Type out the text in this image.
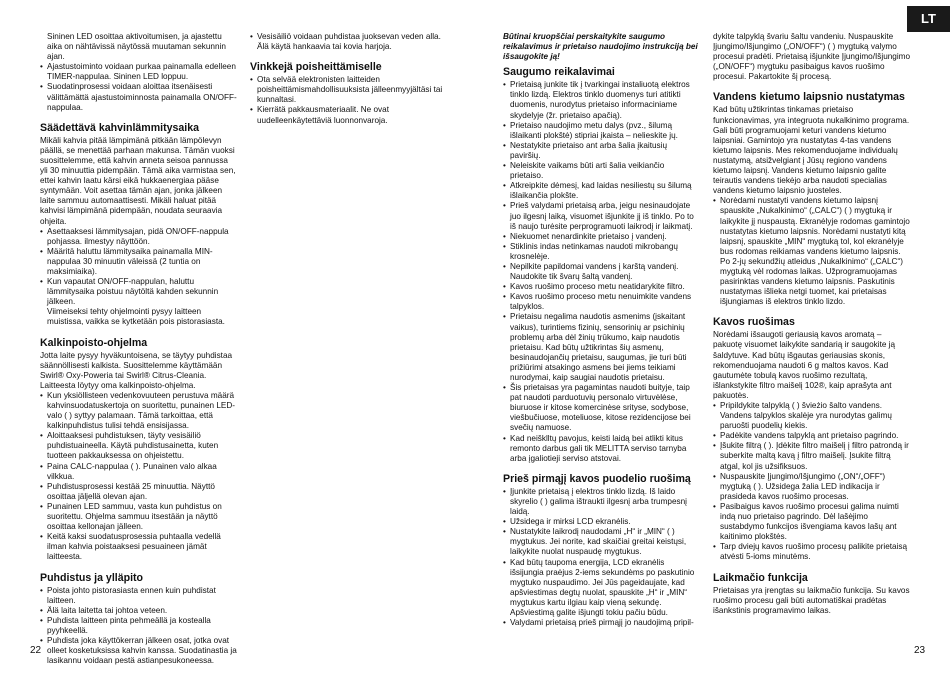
LT
Sininen LED osoittaa aktivoitumisen, ja ajastettu aika on nähtävissä näytössä muutaman sekunnin ajan.
• Ajastustoiminto voidaan purkaa painamalla edelleen TIMER-nappulaa. Sininen LED loppuu.
• Suodatinprosessi voidaan aloittaa itsenäisesti välittämättä ajastustoiminnosta painamalla ON/OFF-nappulaa.
Säädettävä kahvinlämmitysaika

Mikäli kahvia pitää lämpimänä pitkään lämpölevyn päällä, se menettää parhaan makunsa. Tämän vuoksi suosittelemme, että kahvin anneta seisoa pannussa yli 30 minuuttia pidempään. Tämä aika varmistaa sen, ettei kahvin laatu kärsi eikä hukkaenergiaa pääse syntymään. Voit asettaa tämän ajan, jonka jälkeen laite sammuu automaattisesti. Mikäli haluat pitää kahvisi lämpimänä pidempään, noudata seuraavia ohjeita.

• Asettaaksesi lämmitysajan, pidä ON/OFF-nappula pohjassa. ilmestyy näyttöön.
• Määritä haluttu lämmitysaika painamalla MIN-nappulaa 30 minuutin väleissä (2 tuntia on maksimiaika).
• Kun vapautat ON/OFF-nappulan, haluttu lämmitysaika poistuu näytöltä kahden sekunnin jälkeen.

Viimeiseksi tehty ohjelmointi pysyy laitteen muistissa, vaikka se kytketään pois pistorasiasta.

Kalkinpoisto-ohjelma

Jotta laite pysyy hyväkuntoisena, se täytyy puhdistaa säännöllisesti kalkista. Suosittelemme käyttämään Swirl® Oxy-Poweria tai Swirl® Citrus-Cleania. Laitteesta löytyy oma kalkinpoisto-ohjelma.

• Kun yksiöllisteen vedenkovuuteen perustuva määrä kahvinsuodatuskertoja on suoritettu, punainen LED-valo ( ) syttyy palamaan. Tämä tarkoittaa, että kalkinpuhdistus tulisi tehdä ensisijassa.
• Aloittaaksesi puhdistuksen, täyty vesisäiliö puhdistuaineella. Käytä puhdistusainetta, kuten tuotteen pakkauksessa on ohjeistettu.
• Paina CALC-nappulaa ( ). Punainen valo alkaa vilkkua.
• Puhdistusprosessi kestää 25 minuuttia. Näyttö osoittaa jäljellä olevan ajan.
• Punainen LED sammuu, vasta kun puhdistus on suoritettu. Ohjelma sammuu itsestään ja näyttö osoittaa kellonajan jälleen.
• Keitä kaksi suodatusprosessia puhtaalla vedellä ilman kahvia poistaaksesi pesuaineen jämät laitteesta.
Puhdistus ja ylläpito
• Poista johto pistorasiasta ennen kuin puhdistat laitteen.
• Älä laita laitetta tai johtoa veteen.
• Puhdista laitteen pinta pehmeällä ja kostealla pyyhkeellä.
• Puhdista joka käyttökerran jälkeen osat, jotka ovat olleet kosketuksissa kahvin kanssa. Suodatinastia ja lasikannu voidaan pestä astianpesukoneessa.
• Vesisäiliö voidaan puhdistaa juoksevan veden alla. Älä käytä hankaavia tai kovia harjoja.
Vinkkejä poisheittämiselle
• Ota selvää elektronisten laitteiden poisheittämismahdollisuuksista jälleenmyyjältäsi tai kunnaltasi.
• Kierrätä pakkausmateriaalit. Ne ovat uudelleenkäytettäviä luonnonvaroja.

Būtinai kruopščiai perskaitykite saugumo reikalavimus ir prietaiso naudojimo instrukciją bei išsaugokite ją!

Saugumo reikalavimai
• Prietaisą junkite tik į tvarkingai instaliuotą elektros tinklo lizdą. Elektros tinklo duomenys turi atitikti duomenis, nurodytus prietaiso informaciniame skydelyje (žr. prietaiso apačią).
• Prietaiso naudojimo metu dalys (pvz., šilumą išlaikanti plokštė) stipriai įkaista – nelieskite jų.
• Nestatykite prietaiso ant arba šalia įkaitusių paviršių.
• Neleiskite vaikams būti arti šalia veikiančio prietaiso.
• Atkreipkite dėmesį, kad laidas nesiliestų su šilumą išlaikančia plokšte.
• Prieš valydami prietaisą arba, jeigu nesinaudojate juo ilgesnį laiką, visuomet išjunkite jį iš tinklo. Po to iš naujo turėsite perprogramuoti laikrodį ir laikmatį.
• Niekuomet nenardinkite prietaiso į vandenį.
• Stiklinis indas netinkamas naudoti mikrobangų krosnelėje.
• Nepilkite papildomai vandens į karštą vandenį. Naudokite tik švarų šaltą vandenį.
• Kavos ruošimo proceso metu neatidarykite filtro.
• Kavos ruošimo proceso metu nenuimkite vandens talpyklos.
• Prietaisu negalima naudotis asmenims (įskaitant vaikus), turintiems fizinių, sensorinių ar psichinių problemų arba dėl žinių trūkumo, kaip naudotis prietaisu. Kad būtų užtikrintas šių asmenų, besinaudojančių prietaisu, saugumas, jie turi būti prižiūrimi atsakingo asmens bei jiems teikiami nurodymai, kaip saugiai naudotis prietaisu.
• Šis prietaisas yra pagamintas naudoti buityje, taip pat naudoti parduotuvių personalo virtuvėlėse, biuruose ir kitose komercinėse srityse, sodybose, viešbučiuose, moteliuose, kitose rezidencijose bei svečių namuose.
• Kad neišklltų pavojus, keisti laidą bei atlikti kitus remonto darbus gali tik MELITTA serviso tarnyba arba įgaliotieji serviso atstovai.
Prieš pirmąjį kavos puodelio ruošimą
• Įjunkite prietaisą į elektros tinklo lizdą. Iš laido skyrelio ( ) galima ištraukti ilgesnį arba trumpesnį laidą.
• Užsidega ir mirksi LCD ekranėlis.
• Nustatykite laikrodį naudodami „H“ ir „MIN“ ( ) mygtukus. Jei norite, kad skaičiai greitai keistųsi, laikykite nuolat nuspaudę mygtukus.
• Kad būtų taupoma energija, LCD ekranėlis išsijungia praėjus 2-iems sekundėms po paskutinio mygtuko nuspaudimo. Jei Jūs pageidaujate, kad apšviestimas degtų nuolat, spauskite „H“ ir „MIN“ mygtukus kartu ilgiau kaip vieną sekundę. Apšviestimą galite išjungti tokiu pačiu būdu.
• Valydami prietaisą prieš pirmąjį jo naudojimą pripil-

dykite talpyklą švariu šaltu vandeniu. Nuspauskite Įjungimo/Išjungimo („ON/OFF“) ( ) mygtuką valymo procesui pradėti. Prietaisą išjunkite Įjungimo/Išjungimo („ON/OFF“) mygtuku pasibaigus kavos ruošimo procesui. Pakartokite šį procesą.

Vandens kietumo laipsnio nustatymas

Kad būtų užtikrintas tinkamas prietaiso funkcionavimas, yra integruota nukalkinimo programa. Gali būti programuojami keturi vandens kietumo laipsniai. Gamintojo yra nustatytas 4-tas vandens kietumo laipsnis. Mes rekomenduojame individualų nustatymą, atsižvelgiant į Jūsų regiono vandens kietumo laipsnį. Vandens kietumo laipsnio galite teirautis vandens tiekėjo arba naudoti specialias vandens kietumo laipsnio juosteles.

• Norėdami nustatyti vandens kietumo laipsnį spauskite „Nukalkinimo“ („CALC“) ( ) mygtuką ir laikykite jį nuspaustą. Ekranėlyje rodomas gamintojo nustatytas kietumo laipsnis. Norėdami nustatyti kitą laipsnį, spauskite „MIN“ mygtuką tol, kol ekranėlyje bus rodomas reikiamas vandens kietumo laipsnis. Po 2-jų sekundžių atleidus „Nukalkinimo“ („CALC“) mygtuką vėl rodomas laikas. Užprogramuojamas pasirinktas vandens kietumo laipsnis. Paskutinis nustatymas išlieka netgi tuomet, kai prietaisas išjungiamas iš elektros tinklo lizdo.
Kavos ruošimas

Norėdami išsaugoti geriausią kavos aromatą – pakuotę visuomet laikykite sandarią ir saugokite ją šaldytuve. Kad būtų išgautas geriausias skonis, rekomenduojama naudoti 6 g maltos kavos. Kad gautumėte tobulą kavos ruošimo rezultatą, išlankstykite filtro maišelį 102®, kaip aprašyta ant pakuotės.

• Pripildykite talpyklą ( ) švieżio šalto vandens. Vandens talpyklos skalėje yra nurodytas galimų paruošti puodelių kiekis.
• Padėkite vandens talpyklą ant prietaiso pagrindo.
• Įšukite filtrą ( ). Įdėkite filtro maišelį į filtro patrondą ir suberkite maltą kavą į filtro maišelį. Įsukite filtrą atgal, kol jis užsifiksuos.
• Nuspauskite Įjungimo/Išjungimo („ON“/„OFF“) mygtuką ( ). Užsidega žalia LED indikacija ir prasideda kavos ruošimo procesas.
• Pasibaigus kavos ruošimo procesui galima nuimti indą nuo prietaiso pagrindo. Dėl lašėjimo sustabdymo funkcijos išvengiama kavos lašų ant kaitinimo plokštės.
• Tarp dviejų kavos ruošimo procesų palikite prietaisą atvėsti 5-ioms minutėms.
Laikmačio funkcija

Prietaisas yra įrengtas su laikmačio funkcija. Su kavos ruošimo procesu gali būti automatiškai pradėtas išankstinis programavimo laikas.

22	23
